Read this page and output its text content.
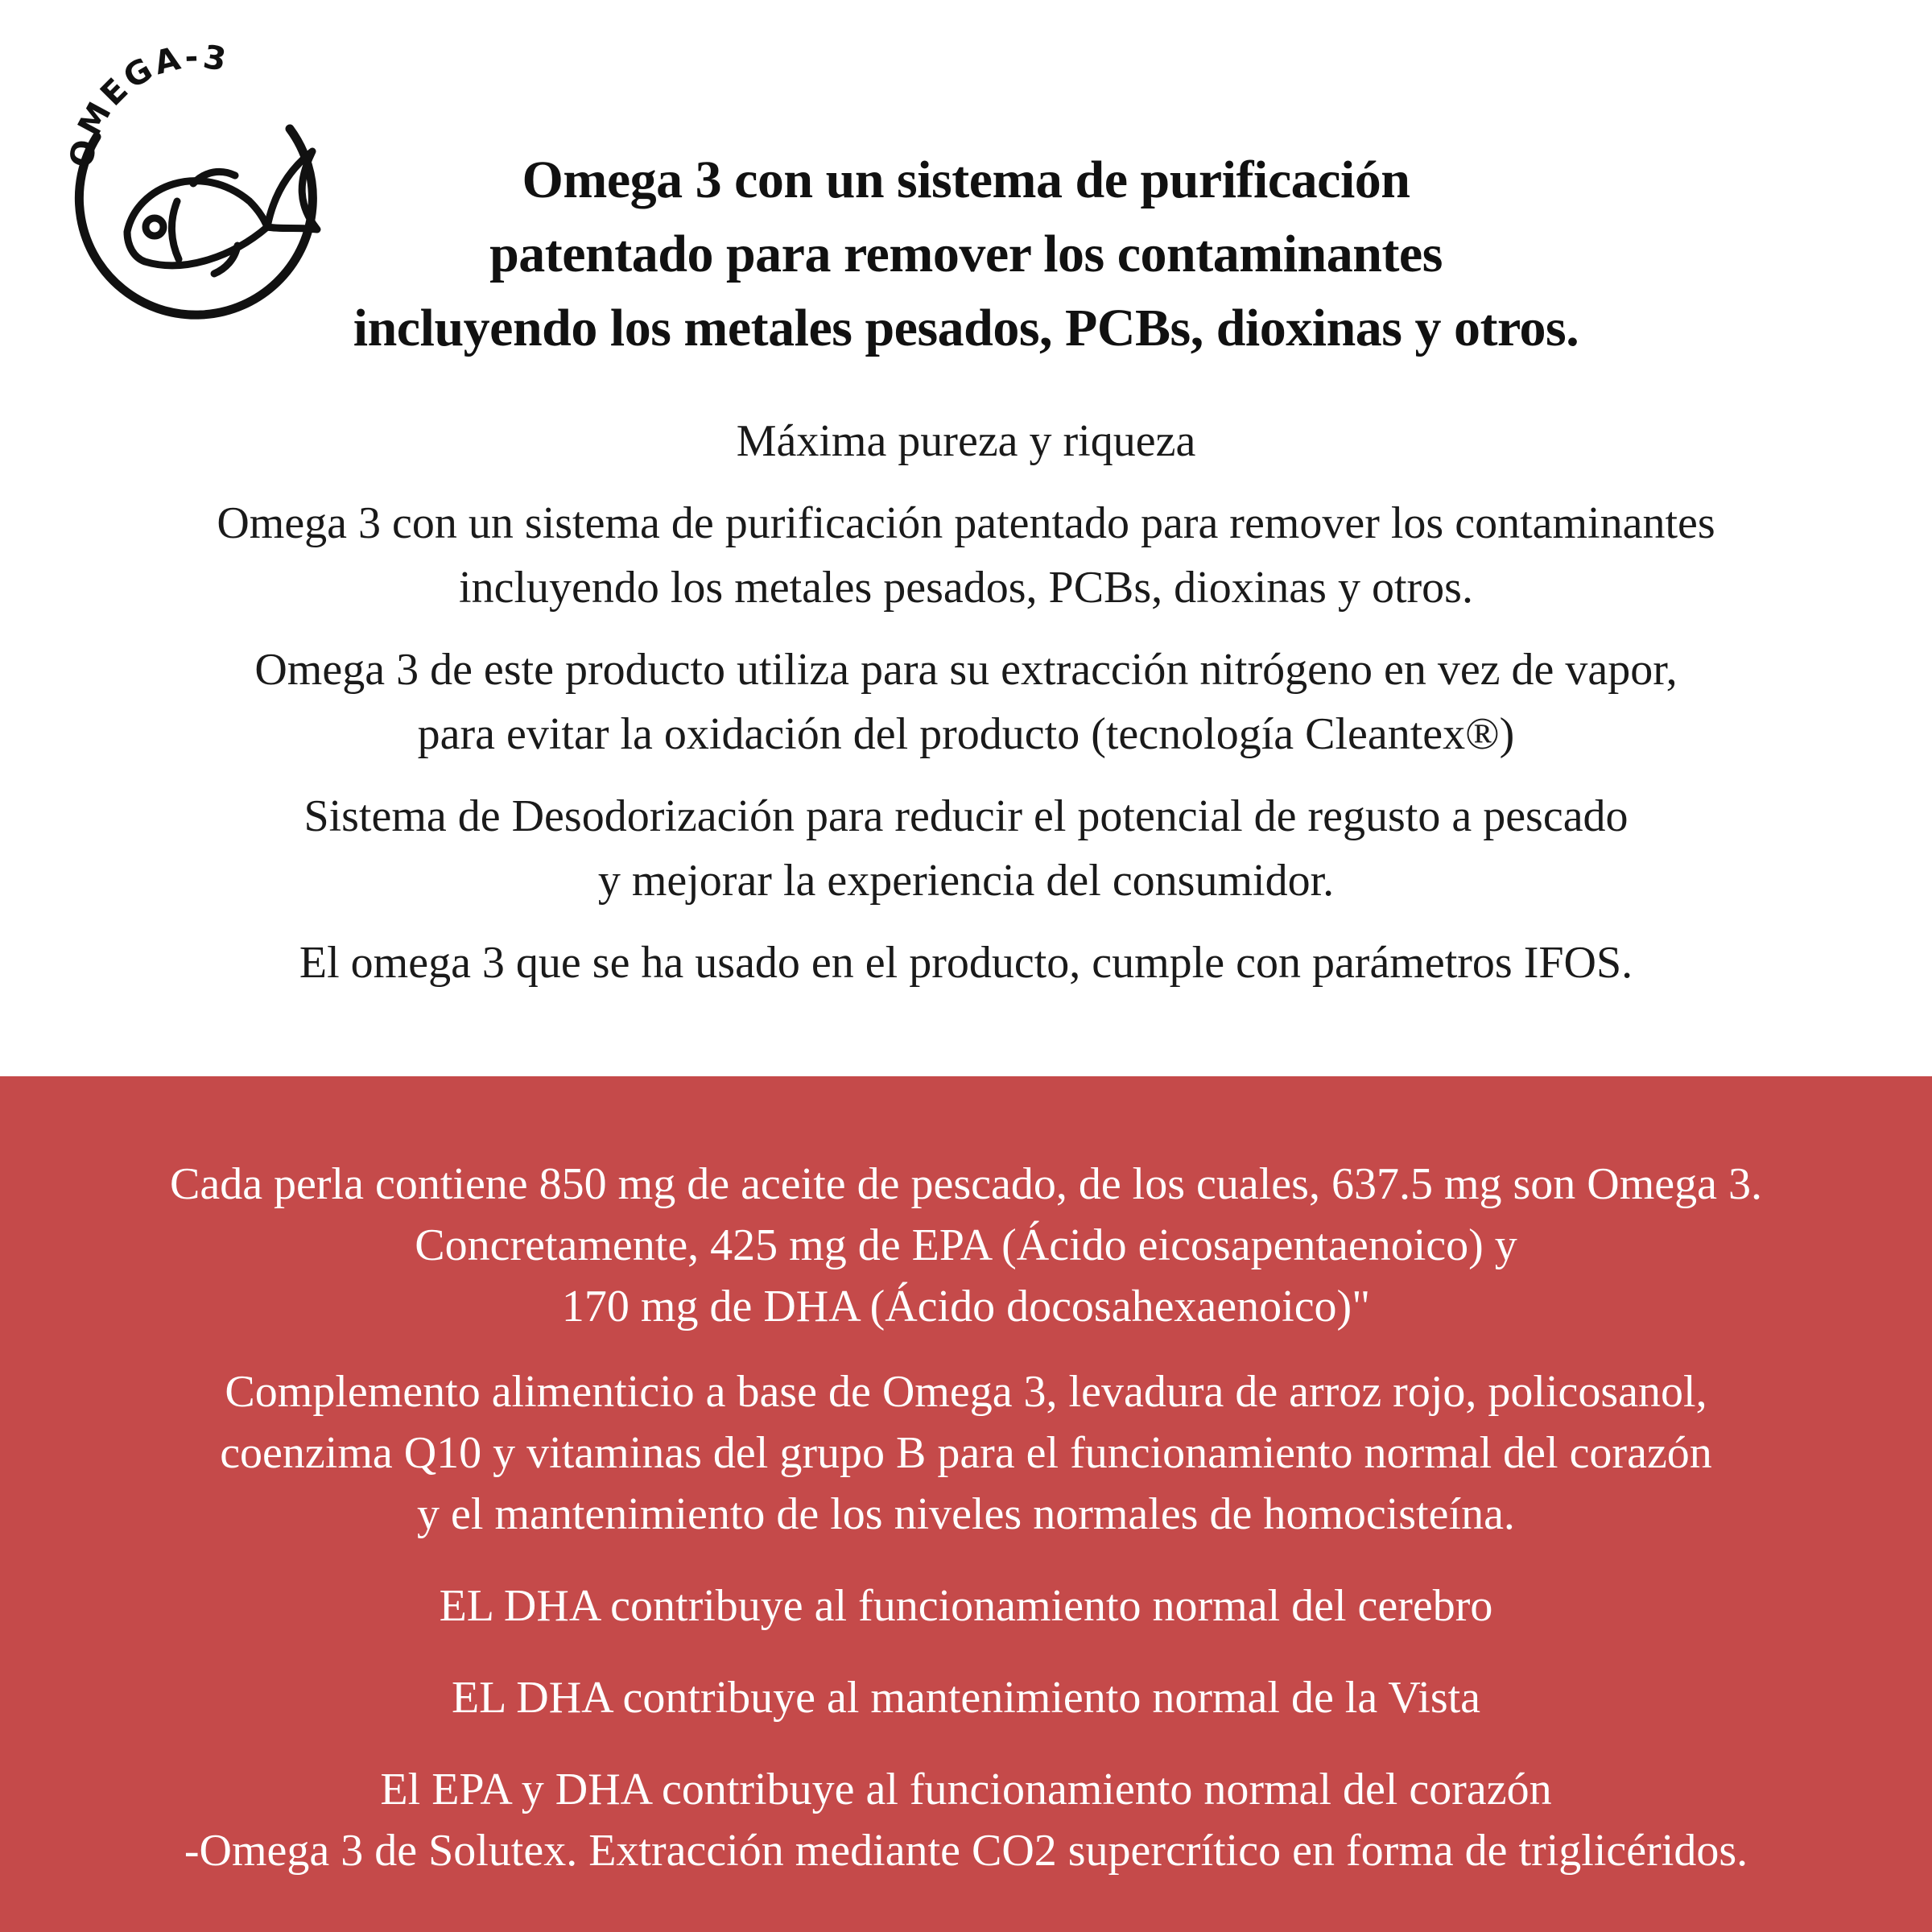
OMEGA-3
Omega 3 con un sistema de purificación
patentado para remover los contaminantes
incluyendo los metales pesados, PCBs, dioxinas y otros.
Máxima pureza y riqueza
Omega 3 con un sistema de purificación patentado para remover los contaminantes
incluyendo los metales pesados, PCBs, dioxinas y otros.
Omega 3 de este producto utiliza para su extracción nitrógeno en vez de vapor,
para evitar la oxidación del producto (tecnología Cleantex®)
Sistema de Desodorización para reducir el potencial de regusto a pescado
y mejorar la experiencia del consumidor.
El omega 3 que se ha usado en el producto, cumple con parámetros IFOS.
Cada perla contiene 850 mg de aceite de pescado, de los cuales, 637.5 mg son Omega 3.
Concretamente, 425 mg de EPA (Ácido eicosapentaenoico) y
170 mg de DHA (Ácido docosahexaenoico)"
Complemento alimenticio a base de Omega 3, levadura de arroz rojo, policosanol,
coenzima Q10 y vitaminas del grupo B para el funcionamiento normal del corazón
y el mantenimiento de los niveles normales de homocisteína.
EL DHA contribuye al funcionamiento normal del cerebro
EL DHA contribuye al mantenimiento normal de la Vista
El EPA y DHA contribuye al funcionamiento normal del corazón
-Omega 3 de Solutex. Extracción mediante CO2 supercrítico en forma de triglicéridos.
